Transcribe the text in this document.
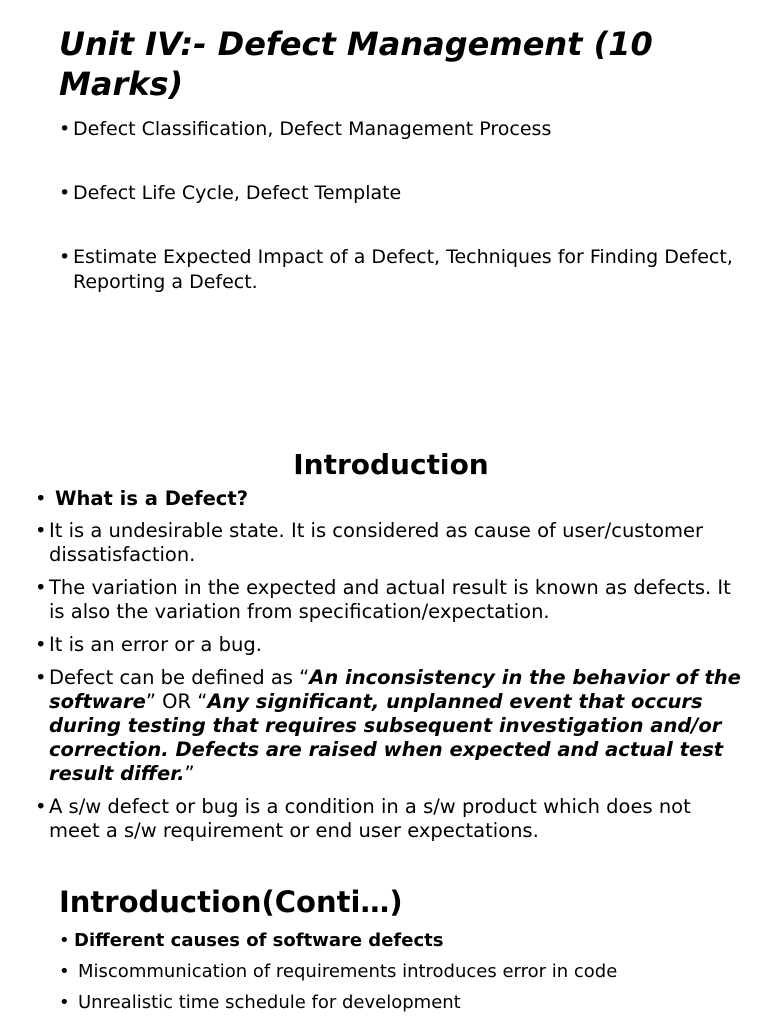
Unit IV:- Defect Management (10 Marks)
• Defect Classification, Defect Management Process
• Defect Life Cycle, Defect Template
• Estimate Expected Impact of a Defect, Techniques for Finding Defect, Reporting a Defect.
Introduction
• What is a Defect?
• It is a undesirable state. It is considered as cause of user/customer dissatisfaction.
• The variation in the expected and actual result is known as defects. It is also the variation from specification/expectation.
• It is an error or a bug.
• Defect can be defined as “An inconsistency in the behavior of the software” OR “Any significant, unplanned event that occurs during testing that requires subsequent investigation and/or correction. Defects are raised when expected and actual test result differ.”
• A s/w defect or bug is a condition in a s/w product which does not meet a s/w requirement or end user expectations.
Introduction(Conti…)
• Different causes of software defects
• Miscommunication of requirements introduces error in code
• Unrealistic time schedule for development
